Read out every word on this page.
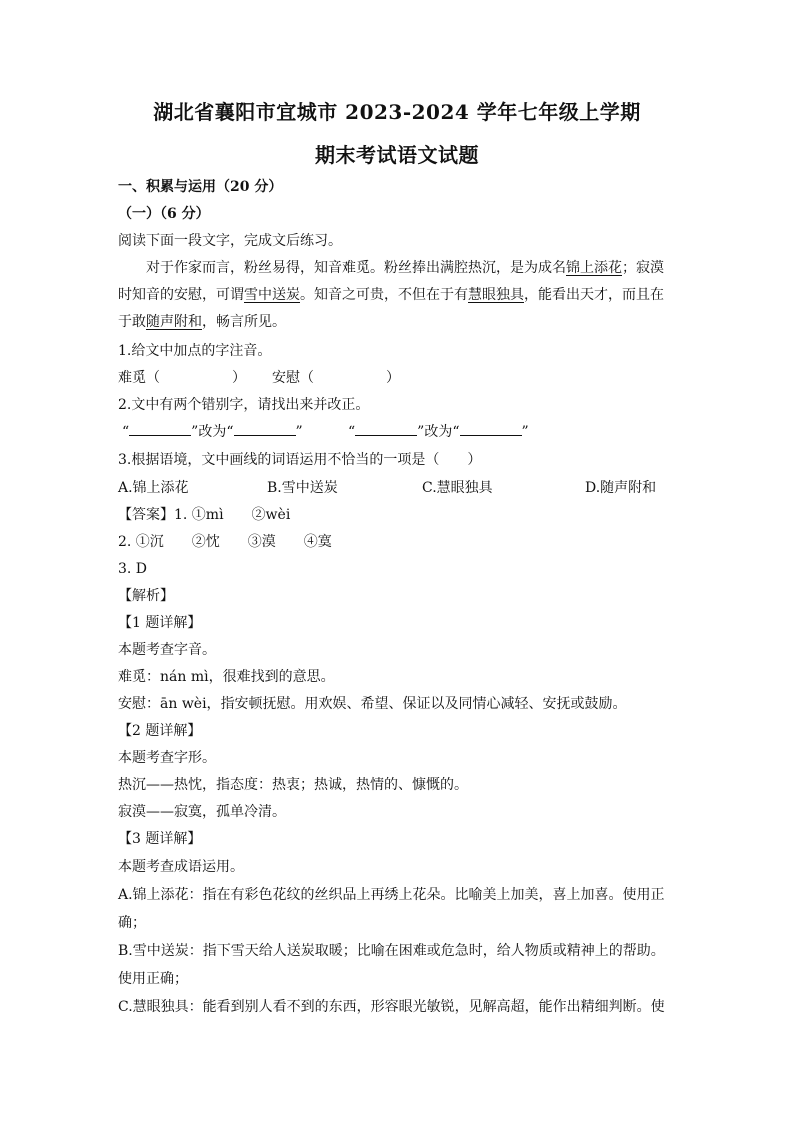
湖北省襄阳市宜城市 2023-2024 学年七年级上学期
期末考试语文试题
一、积累与运用（20 分）
（一）（6 分）
阅读下面一段文字，完成文后练习。
对于作家而言，粉丝易得，知音难觅。粉丝捧出满腔热沉，是为成名锦上添花；寂漠
时知音的安慰，可谓雪中送炭。知音之可贵，不但在于有慧眼独具，能看出天才，而且在
于敢随声附和，畅言所见。
1.给文中加点的字注音。
难觅（	） 安慰（	）
2.文中有两个错别字，请找出来并改正。
“	”改为“	”	“	”改为“	”
3.根据语境，文中画线的词语运用不恰当的一项是（　　）
A.锦上添花	B.雪中送炭	C.慧眼独具	D.随声附和
【答案】1. ①mì　　②wèi
2. ①沉　　②忱　　③漠　　④寞
3. D
【解析】
【1 题详解】
本题考查字音。
难觅：nán mì，很难找到的意思。
安慰：ān wèi，指安顿抚慰。用欢娱、希望、保证以及同情心减轻、安抚或鼓励。
【2 题详解】
本题考查字形。
热沉——热忱，指态度：热衷；热诚，热情的、慷慨的。
寂漠——寂寞，孤单冷清。
【3 题详解】
本题考查成语运用。
A.锦上添花：指在有彩色花纹的丝织品上再绣上花朵。比喻美上加美，喜上加喜。使用正
确；
B.雪中送炭：指下雪天给人送炭取暖；比喻在困难或危急时，给人物质或精神上的帮助。
使用正确；
C.慧眼独具：能看到别人看不到的东西，形容眼光敏锐，见解高超，能作出精细判断。使
